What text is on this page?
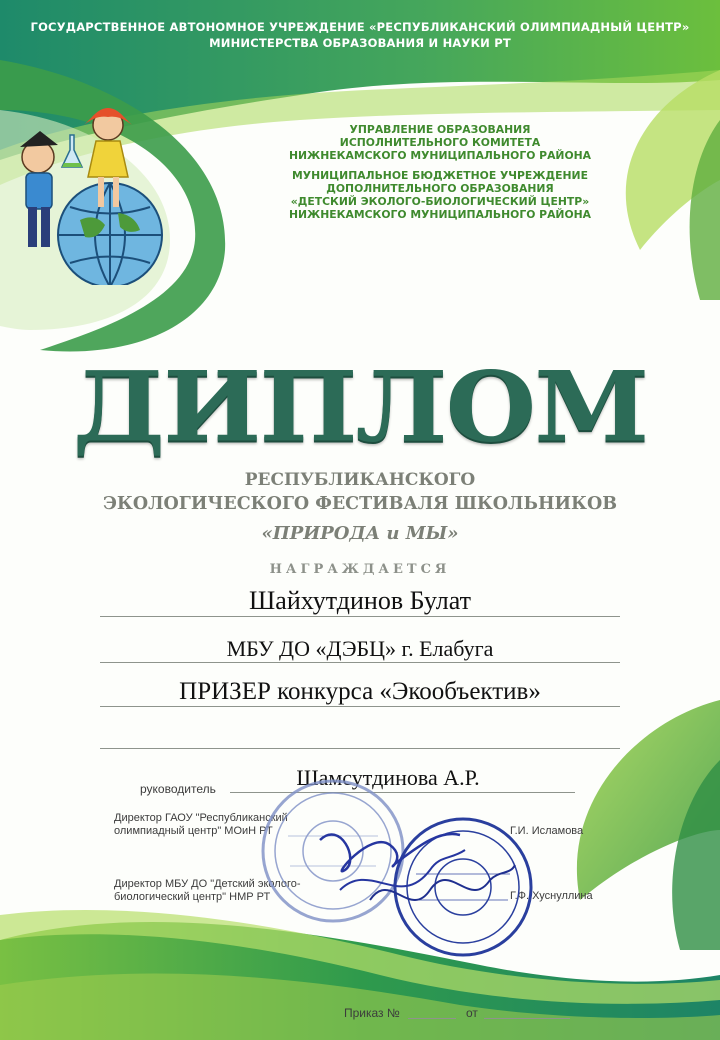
ГОСУДАРСТВЕННОЕ АВТОНОМНОЕ УЧРЕЖДЕНИЕ «РЕСПУБЛИКАНСКИЙ ОЛИМПИАДНЫЙ ЦЕНТР»
МИНИСТЕРСТВА ОБРАЗОВАНИЯ И НАУКИ РТ
УПРАВЛЕНИЕ ОБРАЗОВАНИЯ
ИСПОЛНИТЕЛЬНОГО КОМИТЕТА
НИЖНЕКАМСКОГО МУНИЦИПАЛЬНОГО РАЙОНА
МУНИЦИПАЛЬНОЕ БЮДЖЕТНОЕ УЧРЕЖДЕНИЕ
ДОПОЛНИТЕЛЬНОГО ОБРАЗОВАНИЯ
«ДЕТСКИЙ ЭКОЛОГО-БИОЛОГИЧЕСКИЙ ЦЕНТР»
НИЖНЕКАМСКОГО МУНИЦИПАЛЬНОГО РАЙОНА
ДИПЛОМ
РЕСПУБЛИКАНСКОГО
ЭКОЛОГИЧЕСКОГО ФЕСТИВАЛЯ ШКОЛЬНИКОВ
«ПРИРОДА и МЫ»
НАГРАЖДАЕТСЯ
Шайхутдинов Булат
МБУ ДО «ДЭБЦ» г. Елабуга
ПРИЗЕР конкурса «Экообъектив»
руководитель	Шамсутдинова А.Р.
Директор ГАОУ "Республиканский
олимпиадный центр" МОиН РТ	Г.И. Исламова
Директор МБУ ДО "Детский эколого-
биологический центр" НМР РТ	Г.Ф. Хуснуллина
Приказ №	от
